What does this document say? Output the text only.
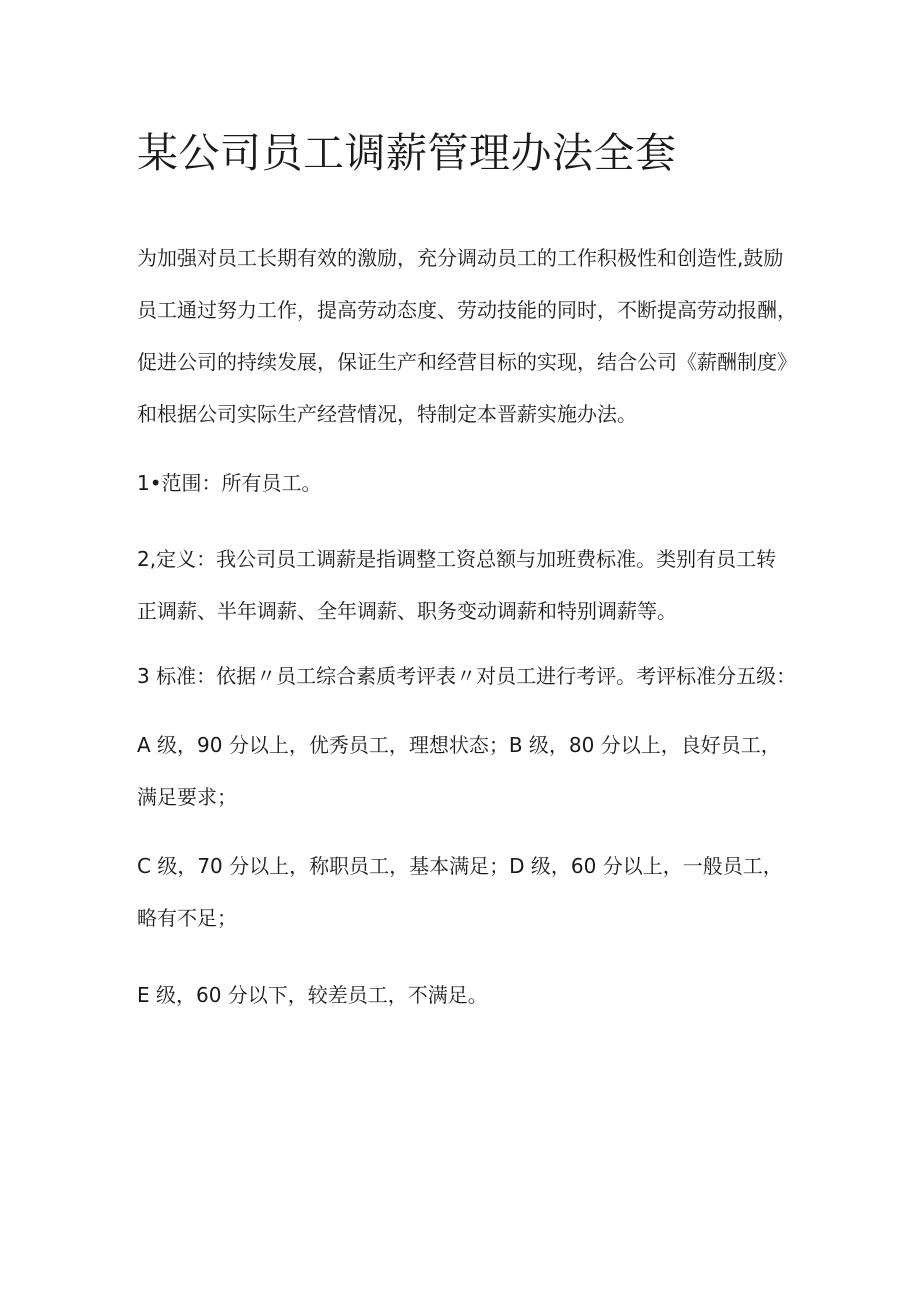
某公司员工调薪管理办法全套

为加强对员工长期有效的激励，充分调动员工的工作积极性和创造性,鼓励
员工通过努力工作，提高劳动态度、劳动技能的同时，不断提高劳动报酬，
促进公司的持续发展，保证生产和经营目标的实现，结合公司《薪酬制度》
和根据公司实际生产经营情况，特制定本晋薪实施办法。

1•范围：所有员工。

2,定义：我公司员工调薪是指调整工资总额与加班费标准。类别有员工转
正调薪、半年调薪、全年调薪、职务变动调薪和特别调薪等。

3 标准：依据〃员工综合素质考评表〃对员工进行考评。考评标准分五级：

A 级，90 分以上，优秀员工，理想状态；B 级，80 分以上，良好员工，
满足要求；

C 级，70 分以上，称职员工，基本满足；D 级，60 分以上，一般员工，
略有不足；

E 级，60 分以下，较差员工，不满足。
